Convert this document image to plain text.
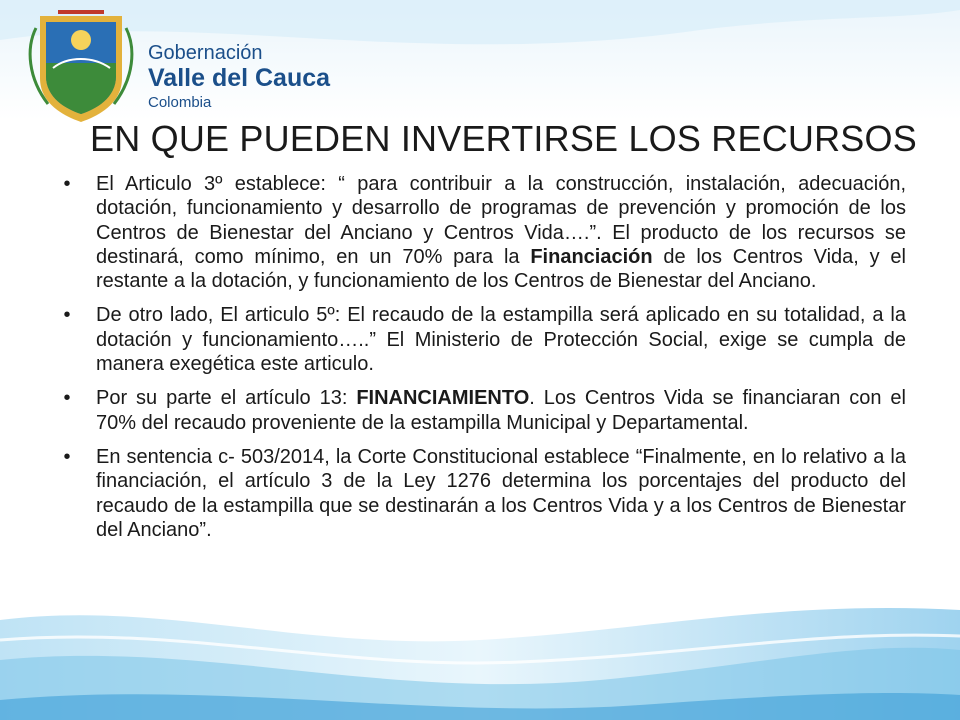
Gobernación
Valle del Cauca
Colombia
EN QUE PUEDEN INVERTIRSE LOS RECURSOS
• El Articulo 3º establece: “ para contribuir a la construcción, instalación, adecuación, dotación, funcionamiento y desarrollo de programas de prevención y promoción de los Centros de Bienestar del Anciano y Centros Vida….”. El producto de los recursos se destinará, como mínimo, en un 70% para la Financiación de los Centros Vida, y el restante a la dotación, y funcionamiento de los Centros de Bienestar del Anciano.
• De otro lado, El articulo 5º: El recaudo de la estampilla será aplicado en su totalidad, a la dotación y funcionamiento…..” El Ministerio de Protección Social, exige se cumpla de manera exegética este articulo.
• Por su parte el artículo 13: FINANCIAMIENTO. Los Centros Vida se financiaran con el 70% del recaudo proveniente de la estampilla Municipal y Departamental.
• En sentencia c- 503/2014, la Corte Constitucional establece “Finalmente, en lo relativo a la financiación, el artículo 3 de la Ley 1276 determina los porcentajes del producto del recaudo de la estampilla que se destinarán a los Centros Vida y a los Centros de Bienestar del Anciano”.
